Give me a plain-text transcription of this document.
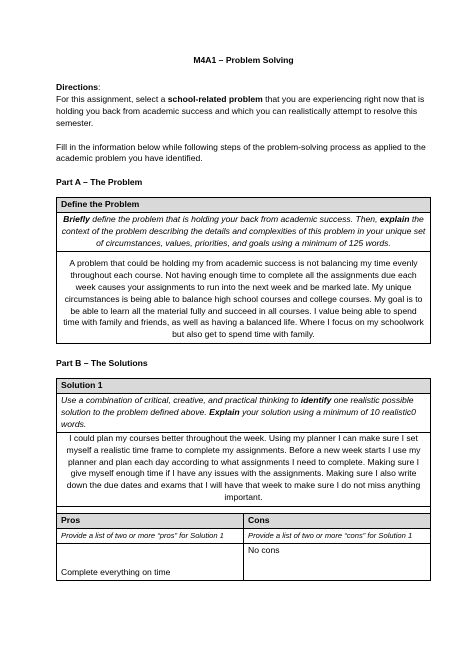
M4A1 – Problem Solving
Directions:
For this assignment, select a school-related problem that you are experiencing right now that is holding you back from academic success and which you can realistically attempt to resolve this semester.
Fill in the information below while following steps of the problem-solving process as applied to the academic problem you have identified.
Part A – The Problem
Define the Problem
Briefly define the problem that is holding your back from academic success. Then, explain the context of the problem describing the details and complexities of this problem in your unique set of circumstances, values, priorities, and goals using a minimum of 125 words.
A problem that could be holding my from academic success is not balancing my time evenly throughout each course. Not having enough time to complete all the assignments due each week causes your assignments to run into the next week and be marked late. My unique circumstances is being able to balance high school courses and college courses. My goal is to be able to learn all the material fully and succeed in all courses. I value being able to spend time with family and friends, as well as having a balanced life. Where I focus on my schoolwork but also get to spend time with family.
Part B – The Solutions
Solution 1	
Use a combination of critical, creative, and practical thinking to identify one realistic possible solution to the problem defined above. Explain your solution using a minimum of 10 realistic0 words.	
I could plan my courses better throughout the week. Using my planner I can make sure I set myself a realistic time frame to complete my assignments. Before a new week starts I use my planner and plan each day according to what assignments I need to complete. Making sure I give myself enough time if I have any issues with the assignments. Making sure I also write down the due dates and exams that I will have that week to make sure I do not miss anything important.	

Pros	Cons
Provide a list of two or more “pros” for Solution 1	Provide a list of two or more “cons” for Solution 1

Complete everything on time	No cons
